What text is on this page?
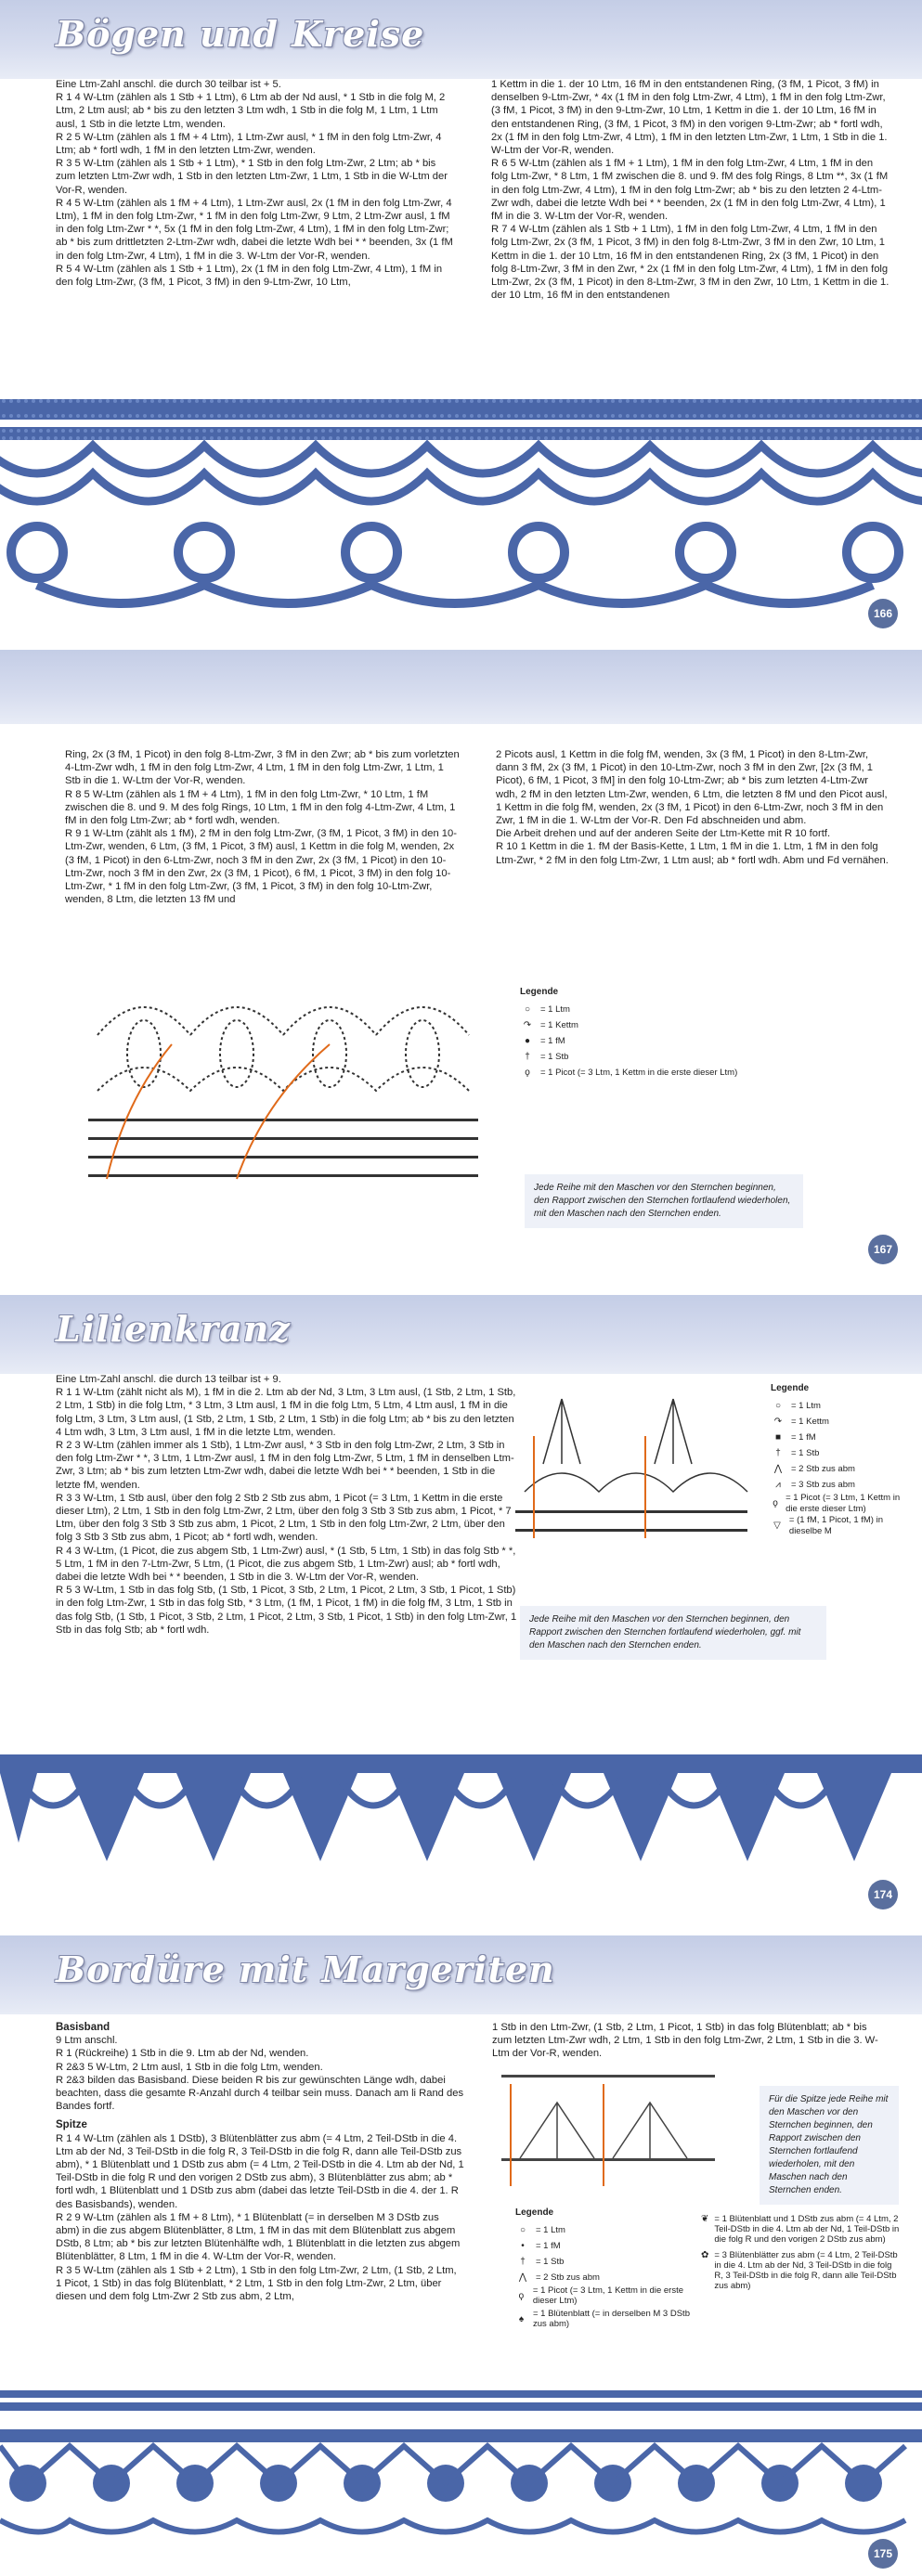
Bögen und Kreise

Eine Ltm-Zahl anschl. die durch 30 teilbar ist + 5.

R 1 4 W-Ltm (zählen als 1 Stb + 1 Ltm), 6 Ltm ab der Nd ausl, * 1 Stb in die folg M, 2 Ltm, 2 Ltm ausl; ab * bis zu den letzten 3 Ltm wdh, 1 Stb in die folg M, 1 Ltm, 1 Ltm ausl, 1 Stb in die letzte Ltm, wenden.

R 2 5 W-Ltm (zählen als 1 fM + 4 Ltm), 1 Ltm-Zwr ausl, * 1 fM in den folg Ltm-Zwr, 4 Ltm; ab * fortl wdh, 1 fM in den letzten Ltm-Zwr, wenden.

R 3 5 W-Ltm (zählen als 1 Stb + 1 Ltm), * 1 Stb in den folg Ltm-Zwr, 2 Ltm; ab * bis zum letzten Ltm-Zwr wdh, 1 Stb in den letzten Ltm-Zwr, 1 Ltm, 1 Stb in die W-Ltm der Vor-R, wenden.

R 4 5 W-Ltm (zählen als 1 fM + 4 Ltm), 1 Ltm-Zwr ausl, 2x (1 fM in den folg Ltm-Zwr, 4 Ltm), 1 fM in den folg Ltm-Zwr, * 1 fM in den folg Ltm-Zwr, 9 Ltm, 2 Ltm-Zwr ausl, 1 fM in den folg Ltm-Zwr * *, 5x (1 fM in den folg Ltm-Zwr, 4 Ltm), 1 fM in den folg Ltm-Zwr; ab * bis zum drittletzten 2-Ltm-Zwr wdh, dabei die letzte Wdh bei * * beenden, 3x (1 fM in den folg Ltm-Zwr, 4 Ltm), 1 fM in die 3. W-Ltm der Vor-R, wenden.

R 5 4 W-Ltm (zählen als 1 Stb + 1 Ltm), 2x (1 fM in den folg Ltm-Zwr, 4 Ltm), 1 fM in den folg Ltm-Zwr, (3 fM, 1 Picot, 3 fM) in den 9-Ltm-Zwr, 10 Ltm,

1 Kettm in die 1. der 10 Ltm, 16 fM in den entstandenen Ring, (3 fM, 1 Picot, 3 fM) in denselben 9-Ltm-Zwr, * 4x (1 fM in den folg Ltm-Zwr, 4 Ltm), 1 fM in den folg Ltm-Zwr, (3 fM, 1 Picot, 3 fM) in den 9-Ltm-Zwr, 10 Ltm, 1 Kettm in die 1. der 10 Ltm, 16 fM in den entstandenen Ring, (3 fM, 1 Picot, 3 fM) in den vorigen 9-Ltm-Zwr; ab * fortl wdh, 2x (1 fM in den folg Ltm-Zwr, 4 Ltm), 1 fM in den letzten Ltm-Zwr, 1 Ltm, 1 Stb in die 1. W-Ltm der Vor-R, wenden.

R 6 5 W-Ltm (zählen als 1 fM + 1 Ltm), 1 fM in den folg Ltm-Zwr, 4 Ltm, 1 fM in den folg Ltm-Zwr, * 8 Ltm, 1 fM zwischen die 8. und 9. fM des folg Rings, 8 Ltm **, 3x (1 fM in den folg Ltm-Zwr, 4 Ltm), 1 fM in den folg Ltm-Zwr; ab * bis zu den letzten 2 4-Ltm-Zwr wdh, dabei die letzte Wdh bei * * beenden, 2x (1 fM in den folg Ltm-Zwr, 4 Ltm), 1 fM in die 3. W-Ltm der Vor-R, wenden.

R 7 4 W-Ltm (zählen als 1 Stb + 1 Ltm), 1 fM in den folg Ltm-Zwr, 4 Ltm, 1 fM in den folg Ltm-Zwr, 2x (3 fM, 1 Picot, 3 fM) in den folg 8-Ltm-Zwr, 3 fM in den Zwr, 10 Ltm, 1 Kettm in die 1. der 10 Ltm, 16 fM in den entstandenen Ring, 2x (3 fM, 1 Picot) in den folg 8-Ltm-Zwr, 3 fM in den Zwr, * 2x (1 fM in den folg Ltm-Zwr, 4 Ltm), 1 fM in den folg Ltm-Zwr, 2x (3 fM, 1 Picot) in den 8-Ltm-Zwr, 3 fM in den Zwr, 10 Ltm, 1 Kettm in die 1. der 10 Ltm, 16 fM in den entstandenen

166

Ring, 2x (3 fM, 1 Picot) in den folg 8-Ltm-Zwr, 3 fM in den Zwr; ab * bis zum vorletzten 4-Ltm-Zwr wdh, 1 fM in den folg Ltm-Zwr, 4 Ltm, 1 fM in den folg Ltm-Zwr, 1 Ltm, 1 Stb in die 1. W-Ltm der Vor-R, wenden.

R 8 5 W-Ltm (zählen als 1 fM + 4 Ltm), 1 fM in den folg Ltm-Zwr, * 10 Ltm, 1 fM zwischen die 8. und 9. M des folg Rings, 10 Ltm, 1 fM in den folg 4-Ltm-Zwr, 4 Ltm, 1 fM in den folg Ltm-Zwr; ab * fortl wdh, wenden.

R 9 1 W-Ltm (zählt als 1 fM), 2 fM in den folg Ltm-Zwr, (3 fM, 1 Picot, 3 fM) in den 10-Ltm-Zwr, wenden, 6 Ltm, (3 fM, 1 Picot, 3 fM) ausl, 1 Kettm in die folg M, wenden, 2x (3 fM, 1 Picot) in den 6-Ltm-Zwr, noch 3 fM in den Zwr, 2x (3 fM, 1 Picot) in den 10-Ltm-Zwr, noch 3 fM in den Zwr, 2x (3 fM, 1 Picot), 6 fM, 1 Picot, 3 fM) in den folg 10-Ltm-Zwr, * 1 fM in den folg Ltm-Zwr, (3 fM, 1 Picot, 3 fM) in den folg 10-Ltm-Zwr, wenden, 8 Ltm, die letzten 13 fM und

2 Picots ausl, 1 Kettm in die folg fM, wenden, 3x (3 fM, 1 Picot) in den 8-Ltm-Zwr, dann 3 fM, 2x (3 fM, 1 Picot) in den 10-Ltm-Zwr, noch 3 fM in den Zwr, [2x (3 fM, 1 Picot), 6 fM, 1 Picot, 3 fM] in den folg 10-Ltm-Zwr; ab * bis zum letzten 4-Ltm-Zwr wdh, 2 fM in den letzten Ltm-Zwr, wenden, 6 Ltm, die letzten 8 fM und den Picot ausl, 1 Kettm in die folg fM, wenden, 2x (3 fM, 1 Picot) in den 6-Ltm-Zwr, noch 3 fM in den Zwr, 1 fM in die 1. W-Ltm der Vor-R. Den Fd abschneiden und abm.

Die Arbeit drehen und auf der anderen Seite der Ltm-Kette mit R 10 fortf.

R 10 1 Kettm in die 1. fM der Basis-Kette, 1 Ltm, 1 fM in die 1. Ltm, 1 fM in den folg Ltm-Zwr, * 2 fM in den folg Ltm-Zwr, 1 Ltm ausl; ab * fortl wdh. Abm und Fd vernähen.

Legende
○	= 1 Ltm
↷	= 1 Kettm
●	= 1 fM
†	= 1 Stb
ϙ	= 1 Picot (= 3 Ltm, 1 Kettm in die erste dieser Ltm)
Jede Reihe mit den Maschen vor den Sternchen beginnen, den Rapport zwischen den Sternchen fortlaufend wiederholen, mit den Maschen nach den Sternchen enden.
167
Lilienkranz

Eine Ltm-Zahl anschl. die durch 13 teilbar ist + 9.

R 1 1 W-Ltm (zählt nicht als M), 1 fM in die 2. Ltm ab der Nd, 3 Ltm, 3 Ltm ausl, (1 Stb, 2 Ltm, 1 Stb, 2 Ltm, 1 Stb) in die folg Ltm, * 3 Ltm, 3 Ltm ausl, 1 fM in die folg Ltm, 5 Ltm, 4 Ltm ausl, 1 fM in die folg Ltm, 3 Ltm, 3 Ltm ausl, (1 Stb, 2 Ltm, 1 Stb, 2 Ltm, 1 Stb) in die folg Ltm; ab * bis zu den letzten 4 Ltm wdh, 3 Ltm, 3 Ltm ausl, 1 fM in die letzte Ltm, wenden.

R 2 3 W-Ltm (zählen immer als 1 Stb), 1 Ltm-Zwr ausl, * 3 Stb in den folg Ltm-Zwr, 2 Ltm, 3 Stb in den folg Ltm-Zwr * *, 3 Ltm, 1 Ltm-Zwr ausl, 1 fM in den folg Ltm-Zwr, 5 Ltm, 1 fM in denselben Ltm-Zwr, 3 Ltm; ab * bis zum letzten Ltm-Zwr wdh, dabei die letzte Wdh bei * * beenden, 1 Stb in die letzte fM, wenden.

R 3 3 W-Ltm, 1 Stb ausl, über den folg 2 Stb 2 Stb zus abm, 1 Picot (= 3 Ltm, 1 Kettm in die erste dieser Ltm), 2 Ltm, 1 Stb in den folg Ltm-Zwr, 2 Ltm, über den folg 3 Stb 3 Stb zus abm, 1 Picot, * 7 Ltm, über den folg 3 Stb 3 Stb zus abm, 1 Picot, 2 Ltm, 1 Stb in den folg Ltm-Zwr, 2 Ltm, über den folg 3 Stb 3 Stb zus abm, 1 Picot; ab * fortl wdh, wenden.

R 4 3 W-Ltm, (1 Picot, die zus abgem Stb, 1 Ltm-Zwr) ausl, * (1 Stb, 5 Ltm, 1 Stb) in das folg Stb * *, 5 Ltm, 1 fM in den 7-Ltm-Zwr, 5 Ltm, (1 Picot, die zus abgem Stb, 1 Ltm-Zwr) ausl; ab * fortl wdh, dabei die letzte Wdh bei * * beenden, 1 Stb in die 3. W-Ltm der Vor-R, wenden.

R 5 3 W-Ltm, 1 Stb in das folg Stb, (1 Stb, 1 Picot, 3 Stb, 2 Ltm, 1 Picot, 2 Ltm, 3 Stb, 1 Picot, 1 Stb) in den folg Ltm-Zwr, 1 Stb in das folg Stb, * 3 Ltm, (1 fM, 1 Picot, 1 fM) in die folg fM, 3 Ltm, 1 Stb in das folg Stb, (1 Stb, 1 Picot, 3 Stb, 2 Ltm, 1 Picot, 2 Ltm, 3 Stb, 1 Picot, 1 Stb) in den folg Ltm-Zwr, 1 Stb in das folg Stb; ab * fortl wdh.

Legende
○	= 1 Ltm
↷	= 1 Kettm
■	= 1 fM
†	= 1 Stb
⋀	= 2 Stb zus abm
⩘	= 3 Stb zus abm
ϙ
= 1 Picot (= 3 Ltm, 1 Kettm in die erste dieser Ltm)
▽
= (1 fM, 1 Picot, 1 fM) in dieselbe M
Jede Reihe mit den Maschen vor den Sternchen beginnen, den Rapport zwischen den Sternchen fortlaufend wiederholen, ggf. mit den Maschen nach den Sternchen enden.
174
Bordüre mit Margeriten
Basisband

9 Ltm anschl.

R 1 (Rückreihe) 1 Stb in die 9. Ltm ab der Nd, wenden.

R 2&3 5 W-Ltm, 2 Ltm ausl, 1 Stb in die folg Ltm, wenden.

R 2&3 bilden das Basisband. Diese beiden R bis zur gewünschten Länge wdh, dabei beachten, dass die gesamte R-Anzahl durch 4 teilbar sein muss. Danach am li Rand des Bandes fortf.

Spitze

R 1 4 W-Ltm (zählen als 1 DStb), 3 Blütenblätter zus abm (= 4 Ltm, 2 Teil-DStb in die 4. Ltm ab der Nd, 3 Teil-DStb in die folg R, 3 Teil-DStb in die folg R, dann alle Teil-DStb zus abm), * 1 Blütenblatt und 1 DStb zus abm (= 4 Ltm, 2 Teil-DStb in die 4. Ltm ab der Nd, 1 Teil-DStb in die folg R und den vorigen 2 DStb zus abm), 3 Blütenblätter zus abm; ab * fortl wdh, 1 Blütenblatt und 1 DStb zus abm (dabei das letzte Teil-DStb in die 4. der 1. R des Basisbands), wenden.

R 2 9 W-Ltm (zählen als 1 fM + 8 Ltm), * 1 Blütenblatt (= in derselben M 3 DStb zus abm) in die zus abgem Blütenblätter, 8 Ltm, 1 fM in das mit dem Blütenblatt zus abgem DStb, 8 Ltm; ab * bis zur letzten Blütenhälfte wdh, 1 Blütenblatt in die letzten zus abgem Blütenblätter, 8 Ltm, 1 fM in die 4. W-Ltm der Vor-R, wenden.

R 3 5 W-Ltm (zählen als 1 Stb + 2 Ltm), 1 Stb in den folg Ltm-Zwr, 2 Ltm, (1 Stb, 2 Ltm, 1 Picot, 1 Stb) in das folg Blütenblatt, * 2 Ltm, 1 Stb in den folg Ltm-Zwr, 2 Ltm, über diesen und dem folg Ltm-Zwr 2 Stb zus abm, 2 Ltm,

1 Stb in den Ltm-Zwr, (1 Stb, 2 Ltm, 1 Picot, 1 Stb) in das folg Blütenblatt; ab * bis zum letzten Ltm-Zwr wdh, 2 Ltm, 1 Stb in den folg Ltm-Zwr, 2 Ltm, 1 Stb in die 3. W-Ltm der Vor-R, wenden.

Für die Spitze jede Reihe mit den Maschen vor den Sternchen beginnen, den Rapport zwischen den Sternchen fortlaufend wiederholen, mit den Maschen nach den Sternchen enden.
Legende
○	= 1 Ltm
•	= 1 fM
†	= 1 Stb
⋀	= 2 Stb zus abm
ϙ	= 1 Picot (= 3 Ltm, 1 Kettm in die erste dieser Ltm)
♠	= 1 Blütenblatt (= in derselben M 3 DStb zus abm)
❦ = 1 Blütenblatt und 1 DStb zus abm (= 4 Ltm, 2 Teil-DStb in die 4. Ltm ab der Nd, 1 Teil-DStb in die folg R und den vorigen 2 DStb zus abm)
✿ = 3 Blütenblätter zus abm (= 4 Ltm, 2 Teil-DStb in die 4. Ltm ab der Nd, 3 Teil-DStb in die folg R, 3 Teil-DStb in die folg R, dann alle Teil-DStb zus abm)
175
